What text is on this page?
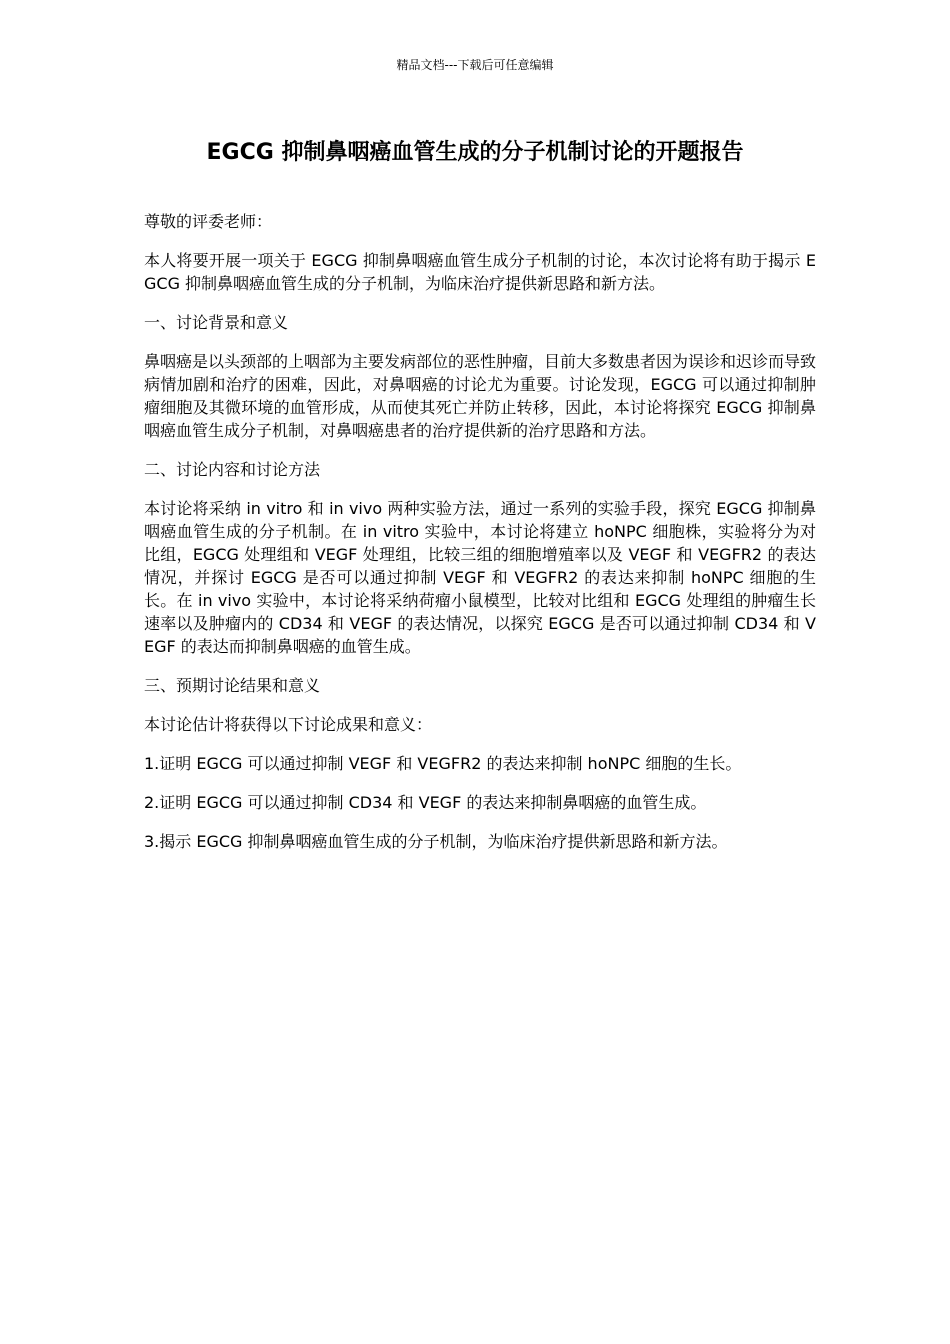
精品文档---下载后可任意编辑
EGCG 抑制鼻咽癌血管生成的分子机制讨论的开题报告

尊敬的评委老师：

本人将要开展一项关于 EGCG 抑制鼻咽癌血管生成分子机制的讨论，本次讨论将有助于揭示 EGCG 抑制鼻咽癌血管生成的分子机制，为临床治疗提供新思路和新方法。

一、讨论背景和意义

鼻咽癌是以头颈部的上咽部为主要发病部位的恶性肿瘤，目前大多数患者因为误诊和迟诊而导致病情加剧和治疗的困难，因此，对鼻咽癌的讨论尤为重要。讨论发现，EGCG 可以通过抑制肿瘤细胞及其微环境的血管形成，从而使其死亡并防止转移，因此，本讨论将探究 EGCG 抑制鼻咽癌血管生成分子机制，对鼻咽癌患者的治疗提供新的治疗思路和方法。

二、讨论内容和讨论方法

本讨论将采纳 in vitro 和 in vivo 两种实验方法，通过一系列的实验手段，探究 EGCG 抑制鼻咽癌血管生成的分子机制。在 in vitro 实验中，本讨论将建立 hoNPC 细胞株，实验将分为对比组，EGCG 处理组和 VEGF 处理组，比较三组的细胞增殖率以及 VEGF 和 VEGFR2 的表达情况，并探讨 EGCG 是否可以通过抑制 VEGF 和 VEGFR2 的表达来抑制 hoNPC 细胞的生长。在 in vivo 实验中，本讨论将采纳荷瘤小鼠模型，比较对比组和 EGCG 处理组的肿瘤生长速率以及肿瘤内的 CD34 和 VEGF 的表达情况，以探究 EGCG 是否可以通过抑制 CD34 和 VEGF 的表达而抑制鼻咽癌的血管生成。

三、预期讨论结果和意义

本讨论估计将获得以下讨论成果和意义：

1.证明 EGCG 可以通过抑制 VEGF 和 VEGFR2 的表达来抑制 hoNPC 细胞的生长。

2.证明 EGCG 可以通过抑制 CD34 和 VEGF 的表达来抑制鼻咽癌的血管生成。

3.揭示 EGCG 抑制鼻咽癌血管生成的分子机制，为临床治疗提供新思路和新方法。
